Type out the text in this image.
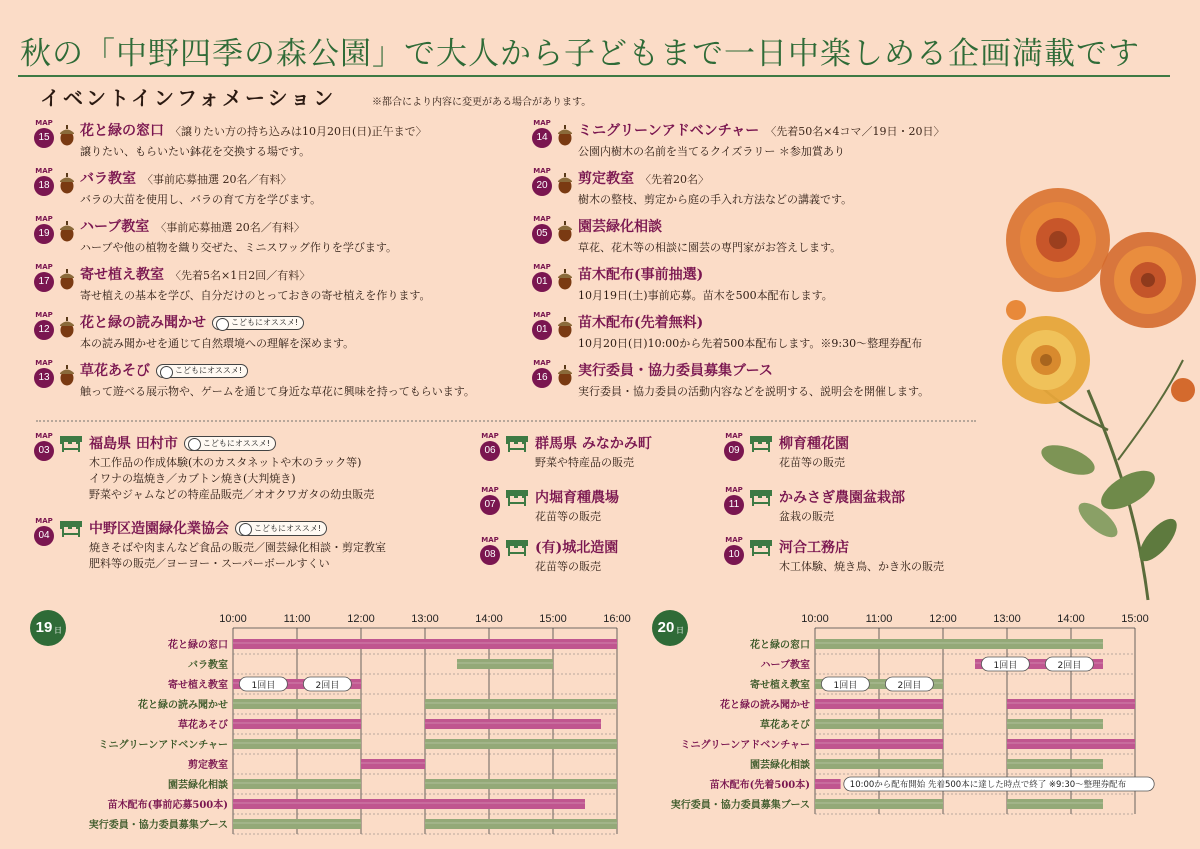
秋の「中野四季の森公園」で大人から子どもまで一日中楽しめる企画満載です
イベントインフォメーション	※都合により内容に変更がある場合があります。
MAP
15	花と緑の窓口 〈譲りたい方の持ち込みは10月20日(日)正午まで〉
譲りたい、もらいたい鉢花を交換する場です。
MAP
18	バラ教室 〈事前応募抽選 20名／有料〉
バラの大苗を使用し、バラの育て方を学びます。
MAP
19	ハーブ教室 〈事前応募抽選 20名／有料〉
ハーブや他の植物を織り交ぜた、ミニスワッグ作りを学びます。
MAP
17	寄せ植え教室 〈先着5名×1日2回／有料〉
寄せ植えの基本を学び、自分だけのとっておきの寄せ植えを作ります。
MAP
12	花と緑の読み聞かせ	こどもにオススメ!
本の読み聞かせを通じて自然環境への理解を深めます。
MAP
13	草花あそび	こどもにオススメ!
触って遊べる展示物や、ゲームを通じて身近な草花に興味を持ってもらいます。
MAP
14	ミニグリーンアドベンチャー 〈先着50名×4コマ／19日・20日〉
公園内樹木の名前を当てるクイズラリー ＊参加賞あり
MAP
20	剪定教室 〈先着20名〉
樹木の整枝、剪定から庭の手入れ方法などの講義です。
MAP
05	園芸緑化相談
草花、花木等の相談に園芸の専門家がお答えします。
MAP
01	苗木配布(事前抽選)
10月19日(土)事前応募。苗木を500本配布します。
MAP
01	苗木配布(先着無料)
10月20日(日)10:00から先着500本配布します。※9:30～整理券配布
MAP
16	実行委員・協力委員募集ブース
実行委員・協力委員の活動内容などを説明する、説明会を開催します。
MAP
03	福島県 田村市	こどもにオススメ!
木工作品の作成体験(木のカスタネットや木のラック等)
イワナの塩焼き／カブトン焼き(大判焼き)
野菜やジャムなどの特産品販売／オオクワガタの幼虫販売
MAP
04	中野区造園緑化業協会	こどもにオススメ!
焼きそばや肉まんなど食品の販売／園芸緑化相談・剪定教室
肥料等の販売／ヨーヨー・スーパーボールすくい
MAP
06	群馬県 みなかみ町
野菜や特産品の販売
MAP
07	内堀育種農場
花苗等の販売
MAP
08	(有)城北造園
花苗等の販売
MAP
09	柳育種花園
花苗等の販売
MAP
11	かみさぎ農園盆栽部
盆栽の販売
MAP
10	河合工務店
木工体験、焼き鳥、かき氷の販売
19 日
10:00	11:00	12:00	13:00	14:00	15:00	16:00
花と緑の窓口
バラ教室
寄せ植え教室	1回目	2回目
花と緑の読み聞かせ
草花あそび
ミニグリーンアドベンチャー
剪定教室
園芸緑化相談
苗木配布(事前応募500本)
実行委員・協力委員募集ブース
20 日
10:00	11:00	12:00	13:00	14:00	15:00
花と緑の窓口
ハーブ教室	1回目	2回目
寄せ植え教室	1回目	2回目
花と緑の読み聞かせ
草花あそび
ミニグリーンアドベンチャー
園芸緑化相談
苗木配布(先着500本)	10:00から配布開始 先着500本に達した時点で終了 ※9:30～整理券配布
実行委員・協力委員募集ブース
